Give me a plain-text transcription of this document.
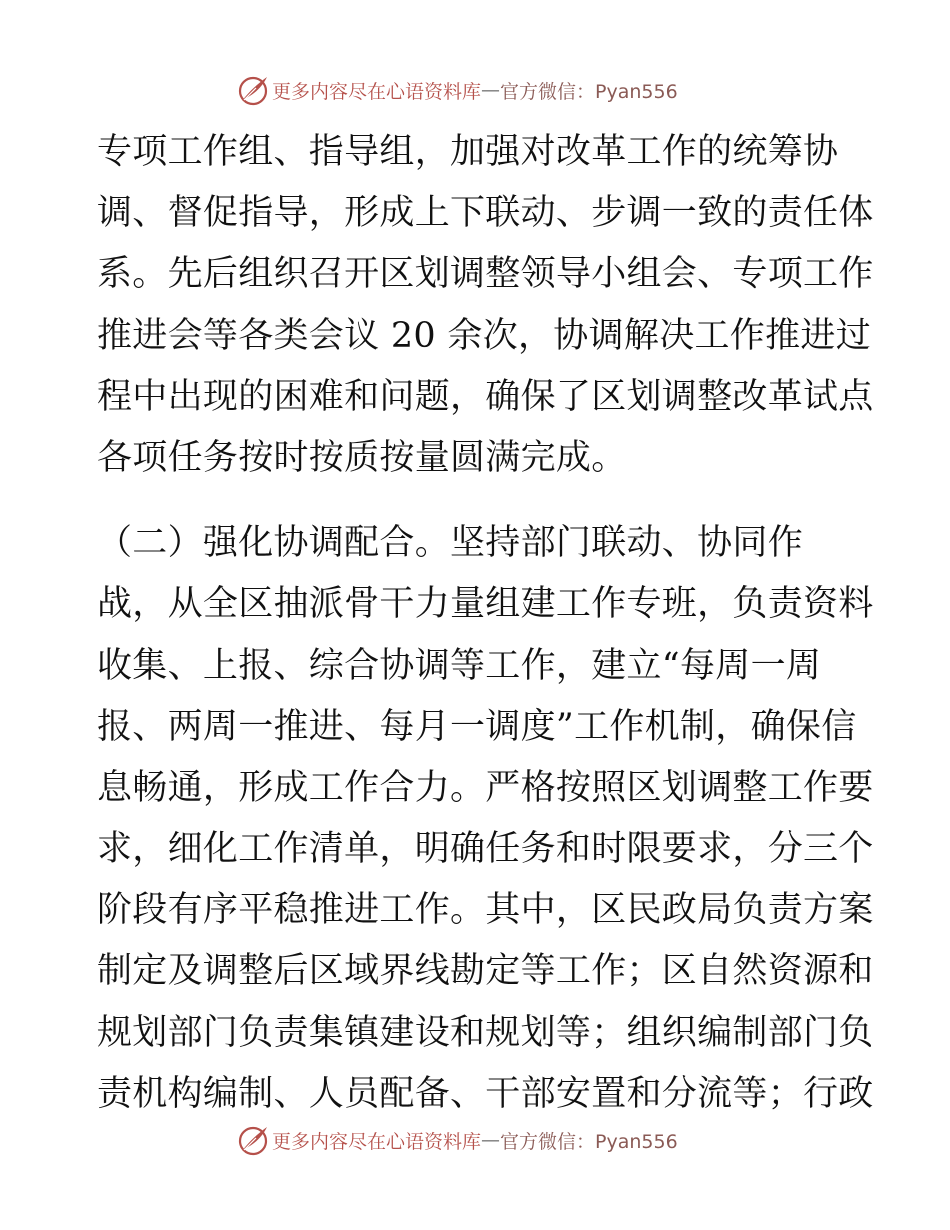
更多内容尽在心语资料库 — 官方微信：Pyan556
专项工作组、指导组，加强对改革工作的统筹协
调、督促指导，形成上下联动、步调一致的责任体
系。先后组织召开区划调整领导小组会、专项工作
推进会等各类会议 20 余次，协调解决工作推进过
程中出现的困难和问题，确保了区划调整改革试点
各项任务按时按质按量圆满完成。
（二）强化协调配合。坚持部门联动、协同作
战，从全区抽派骨干力量组建工作专班，负责资料
收集、上报、综合协调等工作，建立“每周一周
报、两周一推进、每月一调度”工作机制，确保信
息畅通，形成工作合力。严格按照区划调整工作要
求，细化工作清单，明确任务和时限要求，分三个
阶段有序平稳推进工作。其中，区民政局负责方案
制定及调整后区域界线勘定等工作；区自然资源和
规划部门负责集镇建设和规划等；组织编制部门负
责机构编制、人员配备、干部安置和分流等；行政
更多内容尽在心语资料库 — 官方微信：Pyan556
